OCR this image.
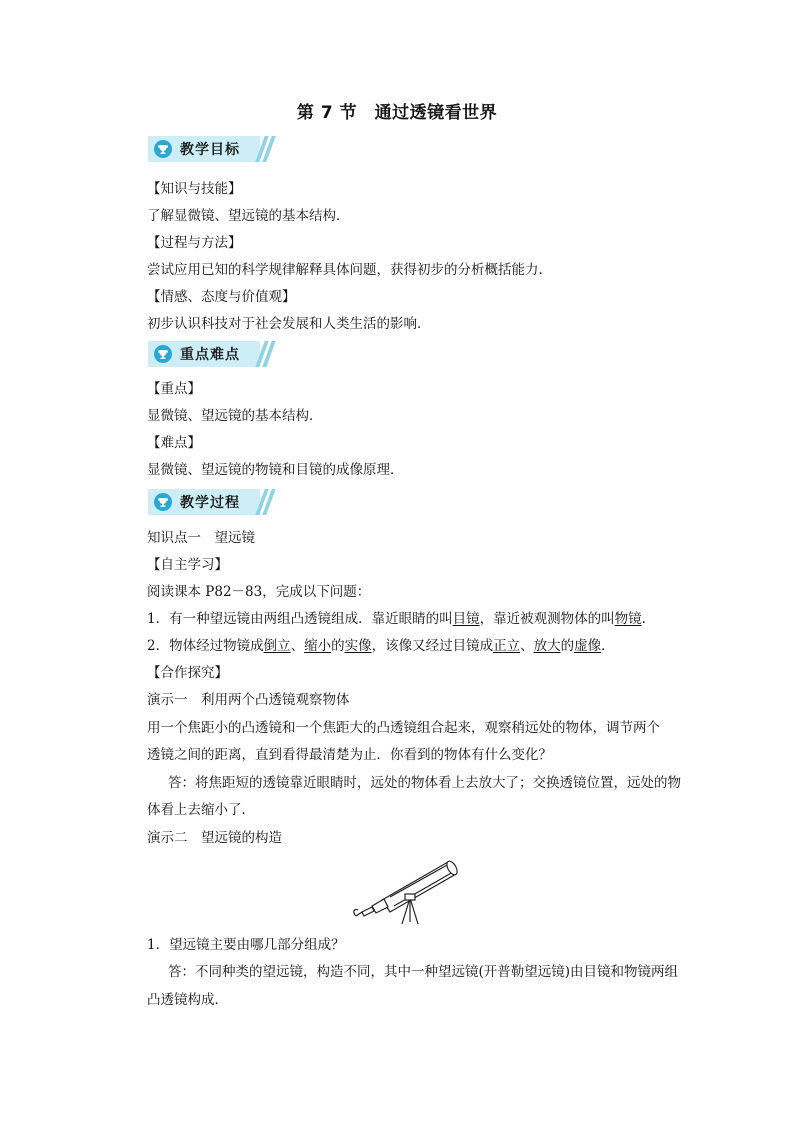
第 7 节　通过透镜看世界
教学目标
【知识与技能】
了解显微镜、望远镜的基本结构．
【过程与方法】
尝试应用已知的科学规律解释具体问题，获得初步的分析概括能力．
【情感、态度与价值观】
初步认识科技对于社会发展和人类生活的影响．
重点难点
【重点】
显微镜、望远镜的基本结构．
【难点】
显微镜、望远镜的物镜和目镜的成像原理．
教学过程
知识点一　望远镜
【自主学习】
阅读课本 P82－83，完成以下问题：
1．有一种望远镜由两组凸透镜组成．靠近眼睛的叫目镜，靠近被观测物体的叫物镜.
2．物体经过物镜成倒立、缩小的实像，该像又经过目镜成正立、放大的虚像．
【合作探究】
演示一　利用两个凸透镜观察物体
用一个焦距小的凸透镜和一个焦距大的凸透镜组合起来，观察稍远处的物体，调节两个
透镜之间的距离，直到看得最清楚为止．你看到的物体有什么变化？
答：将焦距短的透镜靠近眼睛时，远处的物体看上去放大了；交换透镜位置，远处的物
体看上去缩小了．
演示二　望远镜的构造
1．望远镜主要由哪几部分组成？
答：不同种类的望远镜，构造不同，其中一种望远镜(开普勒望远镜)由目镜和物镜两组
凸透镜构成．
